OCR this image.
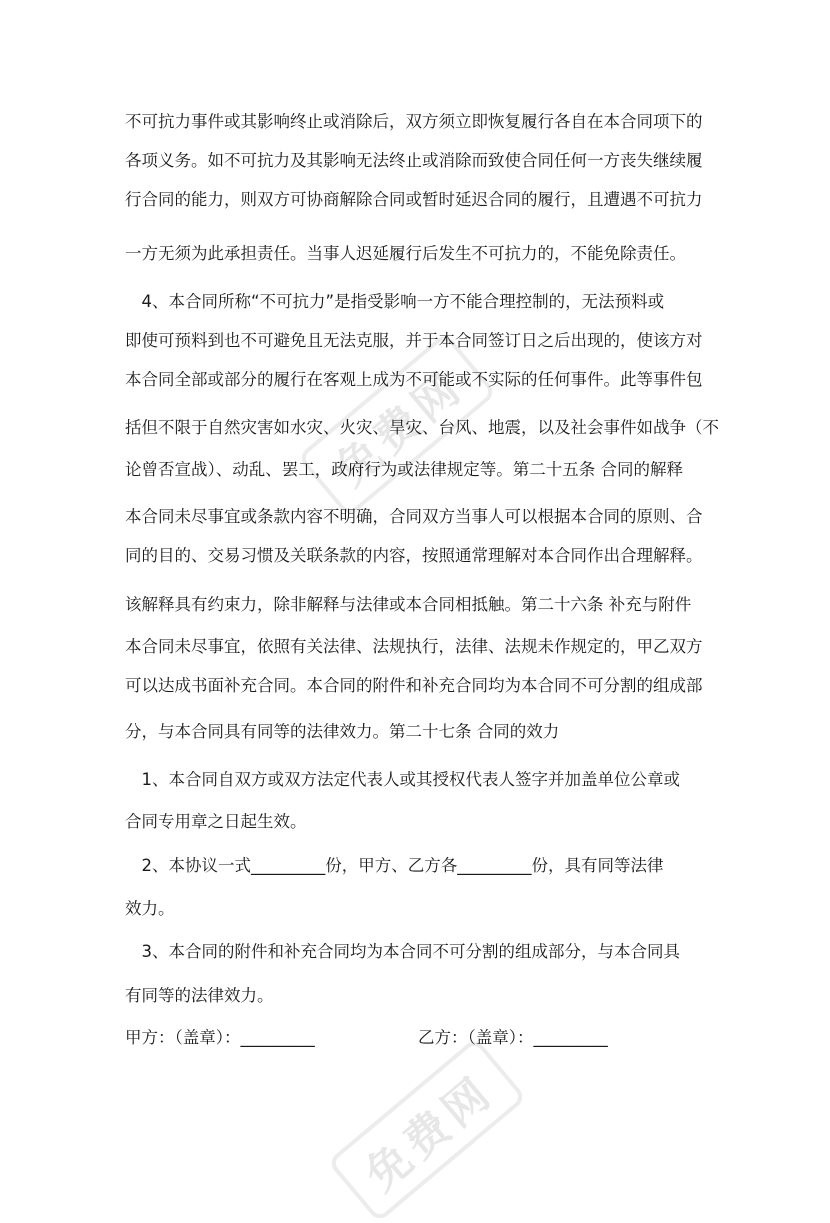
免费网
免费网
不可抗力事件或其影响终止或消除后，双方须立即恢复履行各自在本合同项下的
各项义务。如不可抗力及其影响无法终止或消除而致使合同任何一方丧失继续履
行合同的能力，则双方可协商解除合同或暂时延迟合同的履行，且遭遇不可抗力
一方无须为此承担责任。当事人迟延履行后发生不可抗力的，不能免除责任。
　4、本合同所称“不可抗力”是指受影响一方不能合理控制的，无法预料或
即使可预料到也不可避免且无法克服，并于本合同签订日之后出现的，使该方对
本合同全部或部分的履行在客观上成为不可能或不实际的任何事件。此等事件包
括但不限于自然灾害如水灾、火灾、旱灾、台风、地震，以及社会事件如战争（不
论曾否宣战）、动乱、罢工，政府行为或法律规定等。第二十五条 合同的解释
本合同未尽事宜或条款内容不明确，合同双方当事人可以根据本合同的原则、合
同的目的、交易习惯及关联条款的内容，按照通常理解对本合同作出合理解释。
该解释具有约束力，除非解释与法律或本合同相抵触。第二十六条 补充与附件
本合同未尽事宜，依照有关法律、法规执行，法律、法规未作规定的，甲乙双方
可以达成书面补充合同。本合同的附件和补充合同均为本合同不可分割的组成部
分，与本合同具有同等的法律效力。第二十七条 合同的效力
　1、本合同自双方或双方法定代表人或其授权代表人签字并加盖单位公章或
合同专用章之日起生效。
　2、本协议一式_________份，甲方、乙方各_________份，具有同等法律
效力。
　3、本合同的附件和补充合同均为本合同不可分割的组成部分，与本合同具
有同等的法律效力。
甲方：（盖章）：_________	乙方：（盖章）：_________
